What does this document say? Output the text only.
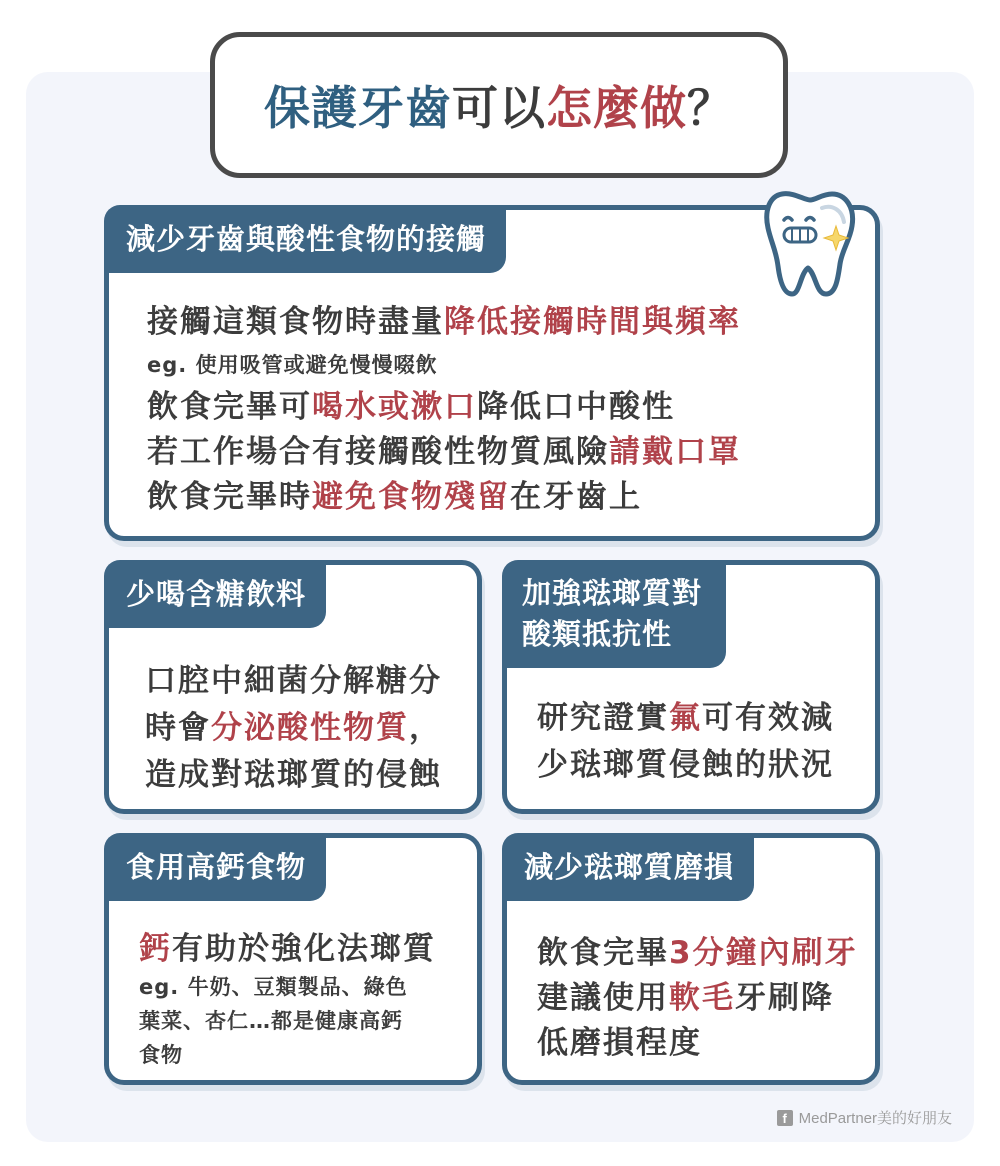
保護牙齒 可以 怎麼做 ？
減少牙齒與酸性食物的接觸
接觸這類食物時盡量降低接觸時間與頻率
eg. 使用吸管或避免慢慢啜飲
飲食完畢可喝水或漱口降低口中酸性
若工作場合有接觸酸性物質風險請戴口罩
飲食完畢時避免食物殘留在牙齒上
少喝含糖飲料
口腔中細菌分解糖分
時會分泌酸性物質，
造成對琺瑯質的侵蝕
加強琺瑯質對
酸類抵抗性
研究證實氟可有效減
少琺瑯質侵蝕的狀況
食用高鈣食物
鈣有助於強化法瑯質
eg. 牛奶、豆類製品、綠色
葉菜、杏仁…都是健康高鈣
食物
減少琺瑯質磨損
飲食完畢3分鐘內刷牙
建議使用軟毛牙刷降
低磨損程度
f MedPartner美的好朋友
